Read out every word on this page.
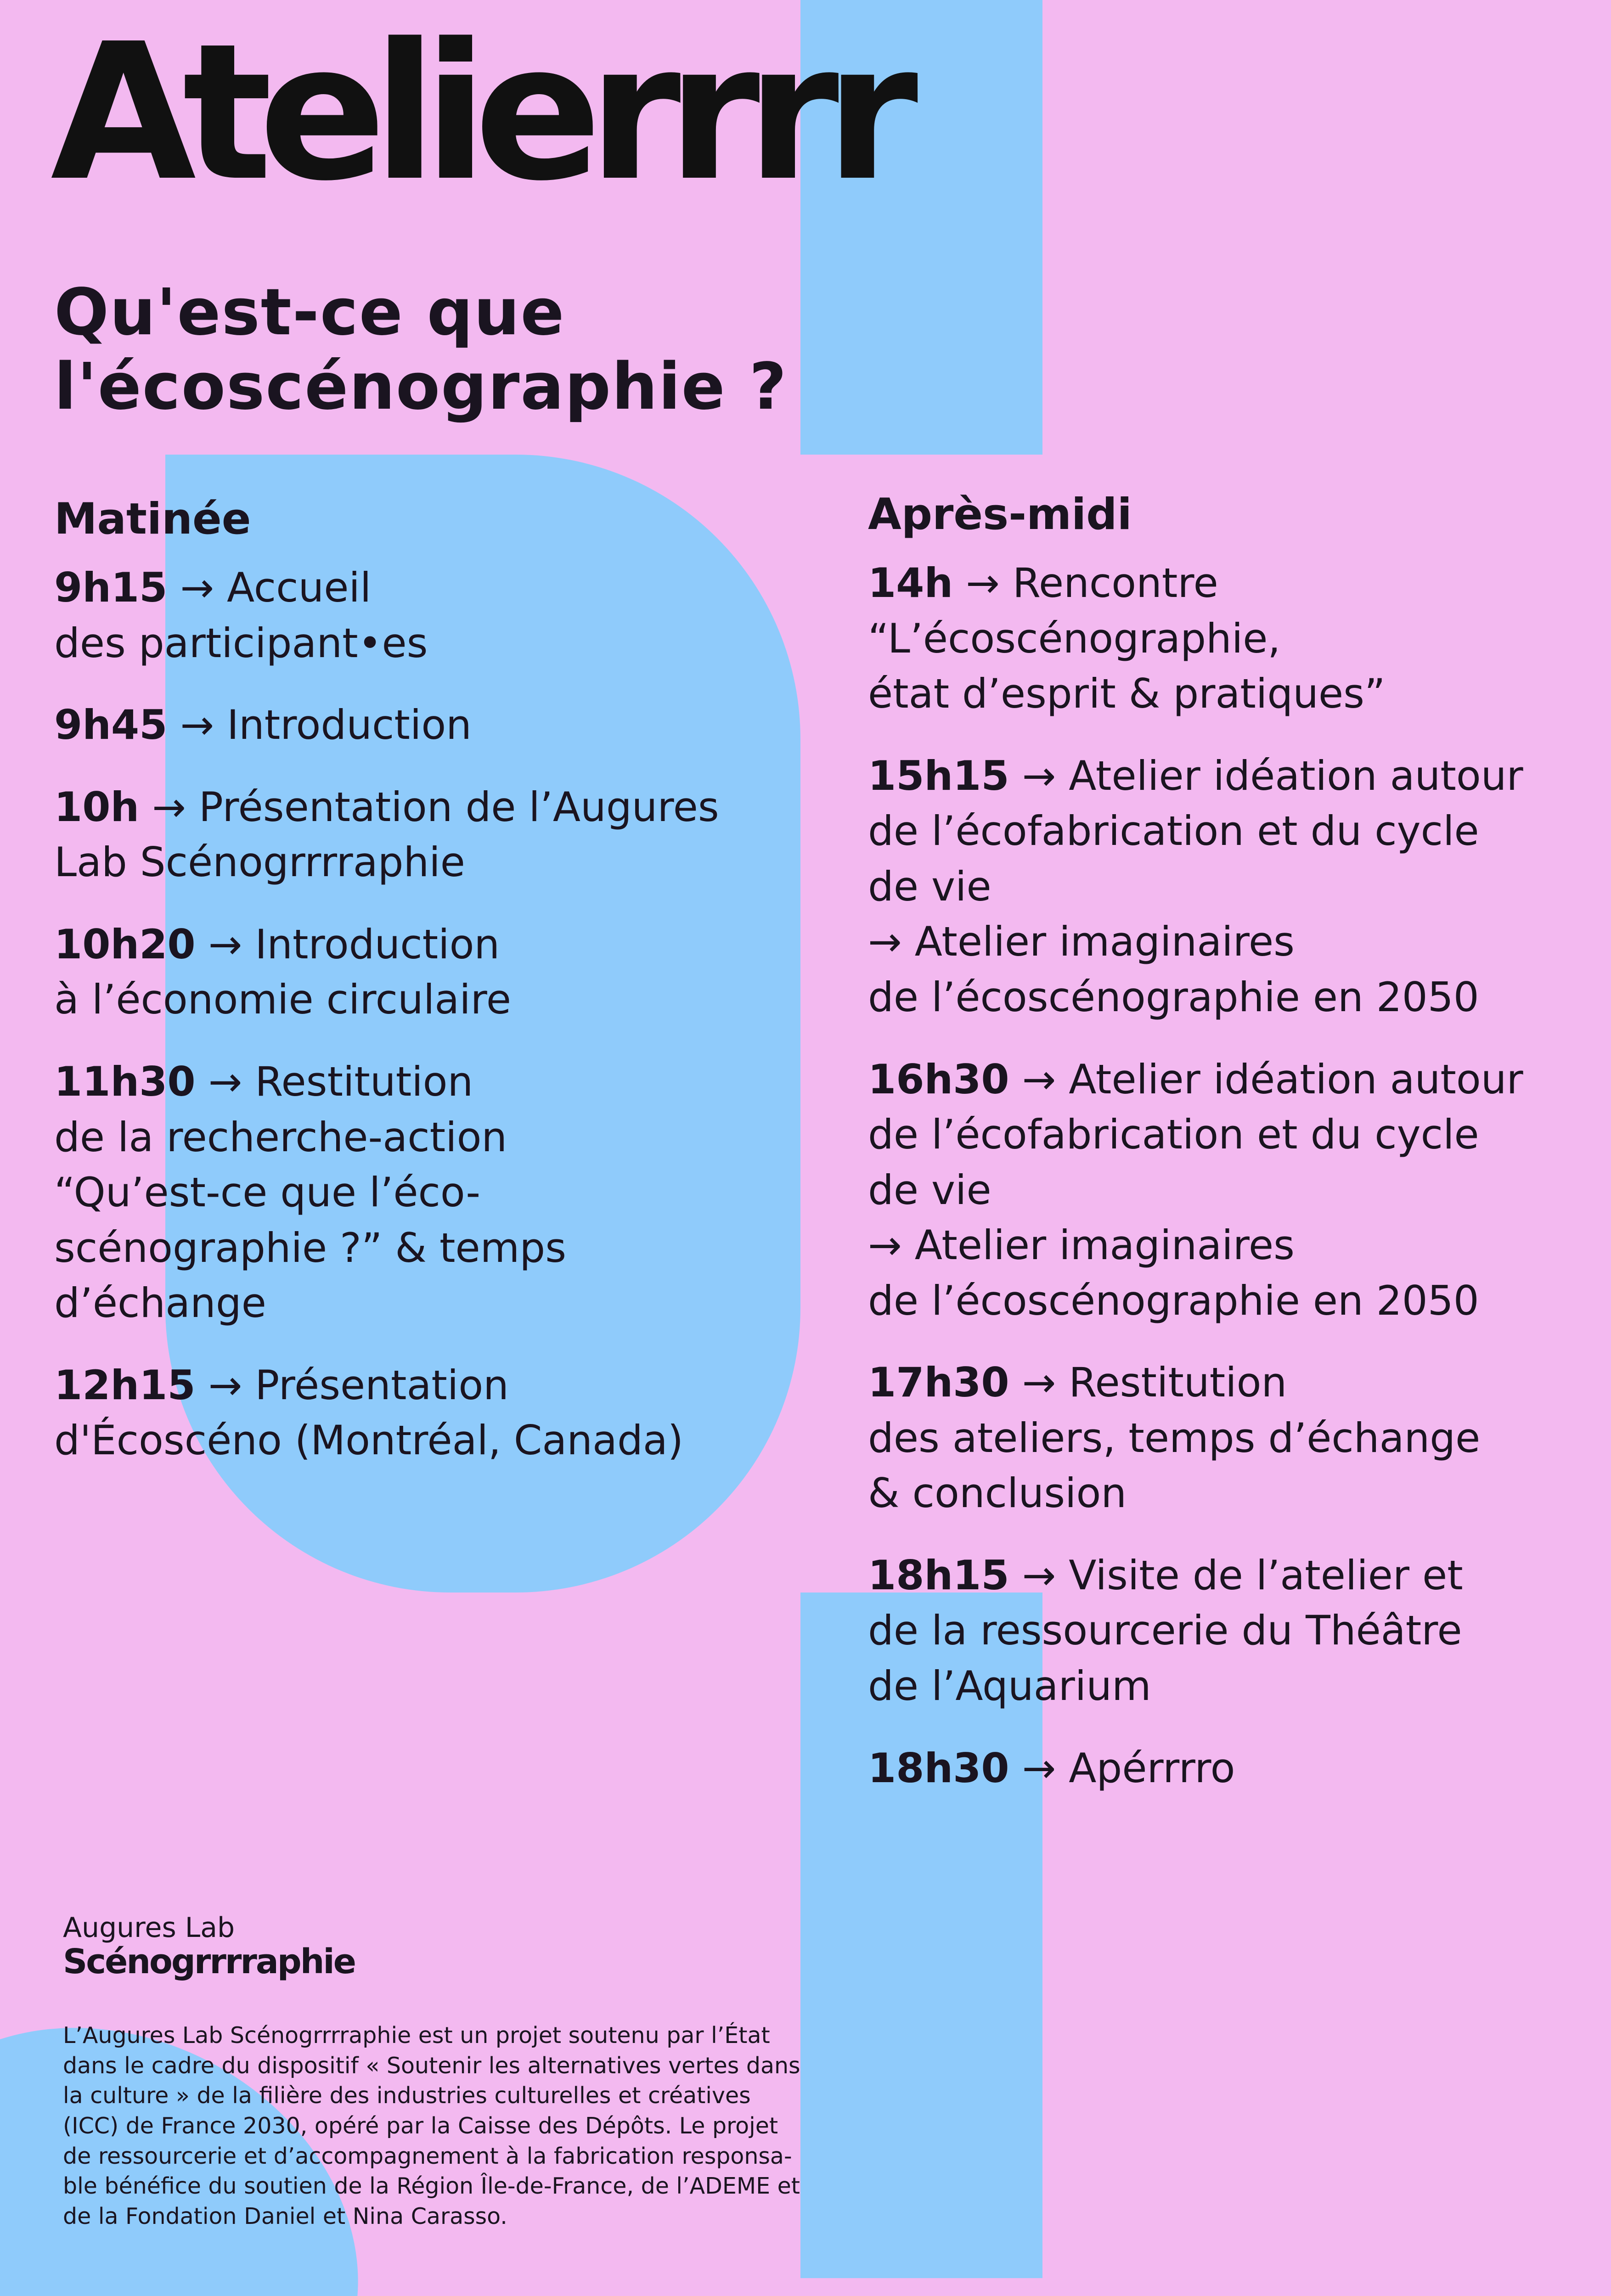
Atelierrrr
Qu'est-ce que
l'écoscénographie ?
Matinée
9h15 → Accueil
des participant•es
9h45 → Introduction
10h → Présentation de l’Augures
Lab Scénogrrrraphie
10h20 → Introduction
à l’économie circulaire
11h30 → Restitution
de la recherche-action
“Qu’est-ce que l’éco-
scénographie ?” & temps
d’échange
12h15 → Présentation
d'Écoscéno (Montréal, Canada)
Après-midi
14h → Rencontre
“L’écoscénographie,
état d’esprit & pratiques”
15h15 → Atelier idéation autour
de l’écofabrication et du cycle
de vie
→ Atelier imaginaires
de l’écoscénographie en 2050
16h30 → Atelier idéation autour
de l’écofabrication et du cycle
de vie
→ Atelier imaginaires
de l’écoscénographie en 2050
17h30 → Restitution
des ateliers, temps d’échange
& conclusion
18h15 → Visite de l’atelier et
de la ressourcerie du Théâtre
de l’Aquarium
18h30 → Apérrrro
Augures Lab
Scénogrrrraphie

L’Augures Lab Scénogrrrraphie est un projet soutenu par l’État
dans le cadre du dispositif « Soutenir les alternatives vertes dans
la culture » de la filière des industries culturelles et créatives
(ICC) de France 2030, opéré par la Caisse des Dépôts. Le projet
de ressourcerie et d’accompagnement à la fabrication responsa-
ble bénéfice du soutien de la Région Île-de-France, de l’ADEME et
de la Fondation Daniel et Nina Carasso.
